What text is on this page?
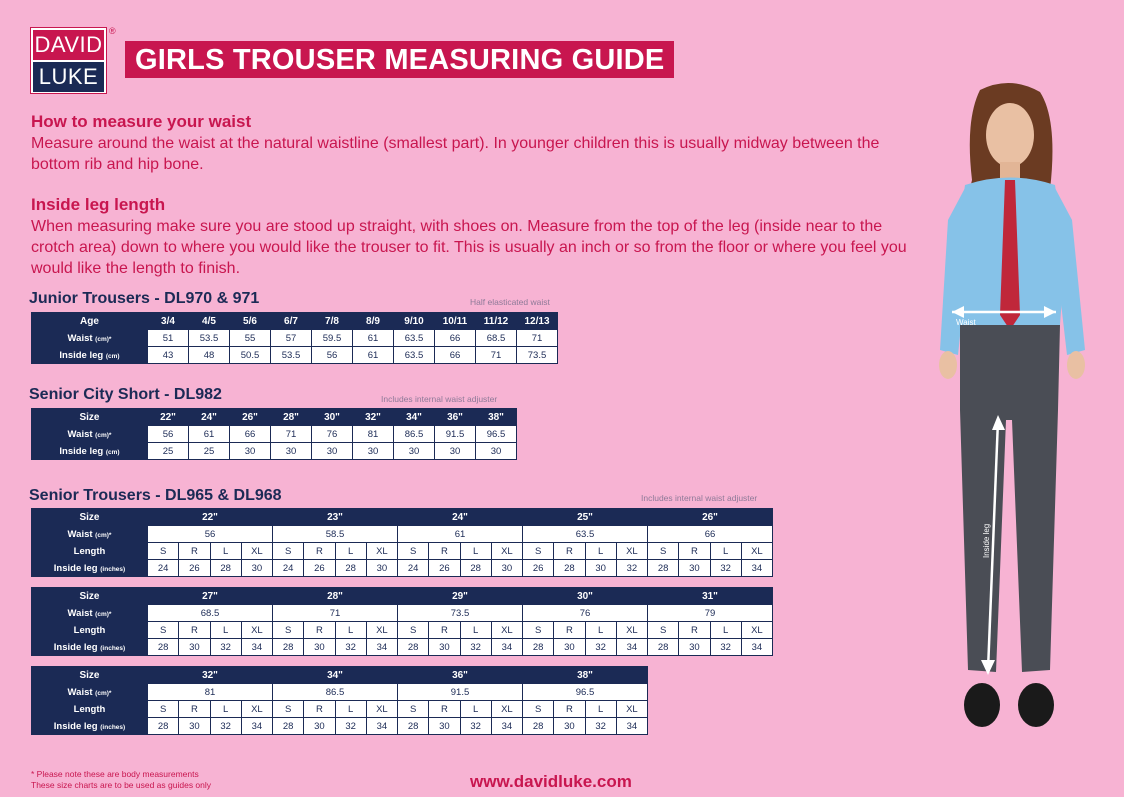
DAVID
LUKE
®
GIRLS TROUSER MEASURING GUIDE
How to measure your waist
Measure around the waist at the natural waistline (smallest part). In younger children this is usually midway between the bottom rib and hip bone.
Inside leg length
When measuring make sure you are stood up straight, with shoes on. Measure from the top of the leg (inside near to the crotch area) down to where you would like the trouser to fit. This is usually an inch or so from the floor or where you feel you would like the length to finish.
Junior Trousers - DL970 & 971	Half elasticated waist
Age	3/4	4/5	5/6	6/7	7/8	8/9	9/10	10/11	11/12	12/13
Waist (cm)*	51	53.5	55	57	59.5	61	63.5	66	68.5	71
Inside leg (cm)	43	48	50.5	53.5	56	61	63.5	66	71	73.5
Senior City Short - DL982	Includes internal waist adjuster
Size	22"	24"	26"	28"	30"	32"	34"	36"	38"
Waist (cm)*	56	61	66	71	76	81	86.5	91.5	96.5
Inside leg (cm)	25	25	30	30	30	30	30	30	30
Senior Trousers - DL965 & DL968	Includes internal waist adjuster
Size	22"				23"				24"				25"				26"			
Waist (cm)*	56				58.5				61				63.5				66			
Length	S	R	L	XL	S	R	L	XL	S	R	L	XL	S	R	L	XL	S	R	L	XL
Inside leg (inches)	24	26	28	30	24	26	28	30	24	26	28	30	26	28	30	32	28	30	32	34
Size	27"				28"				29"				30"				31"			
Waist (cm)*	68.5				71				73.5				76				79			
Length	S	R	L	XL	S	R	L	XL	S	R	L	XL	S	R	L	XL	S	R	L	XL
Inside leg (inches)	28	30	32	34	28	30	32	34	28	30	32	34	28	30	32	34	28	30	32	34
Size	32"				34"				36"				38"			
Waist (cm)*	81				86.5				91.5				96.5			
Length	S	R	L	XL	S	R	L	XL	S	R	L	XL	S	R	L	XL
Inside leg (inches)	28	30	32	34	28	30	32	34	28	30	32	34	28	30	32	34
* Please note these are body measurements
These size charts are to be used as guides only	www.davidluke.com
Waist
Inside leg
